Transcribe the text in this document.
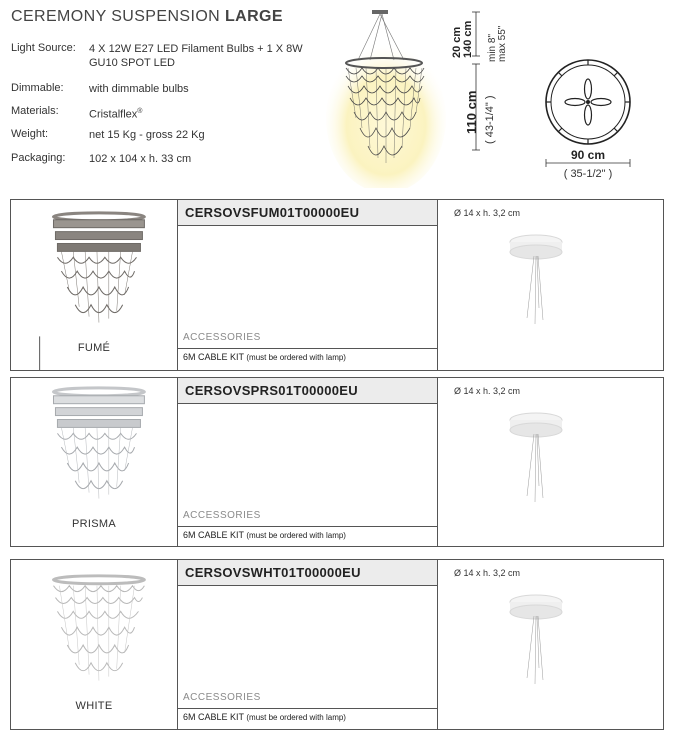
CEREMONY SUSPENSION LARGE
Light Source:	4 X 12W E27 LED Filament Bulbs + 1 X 8W GU10 SPOT LED
Dimmable:	with dimmable bulbs
Materials:	Cristalflex®
Weight:	net 15 Kg - gross 22 Kg
Packaging:	102 x 104 x h. 33 cm
20 cm
140 cm min 8"
max 55"
110 cm ( 43-1/4" )
90 cm
( 35-1/2" )
FUMÉ
CERSOVSFUM01T00000EU
ACCESSORIES
6M CABLE KIT (must be ordered with lamp)
Ø 14 x h. 3,2 cm
PRISMA
CERSOVSPRS01T00000EU
ACCESSORIES
6M CABLE KIT (must be ordered with lamp)
Ø 14 x h. 3,2 cm
WHITE
CERSOVSWHT01T00000EU
ACCESSORIES
6M CABLE KIT (must be ordered with lamp)
Ø 14 x h. 3,2 cm
